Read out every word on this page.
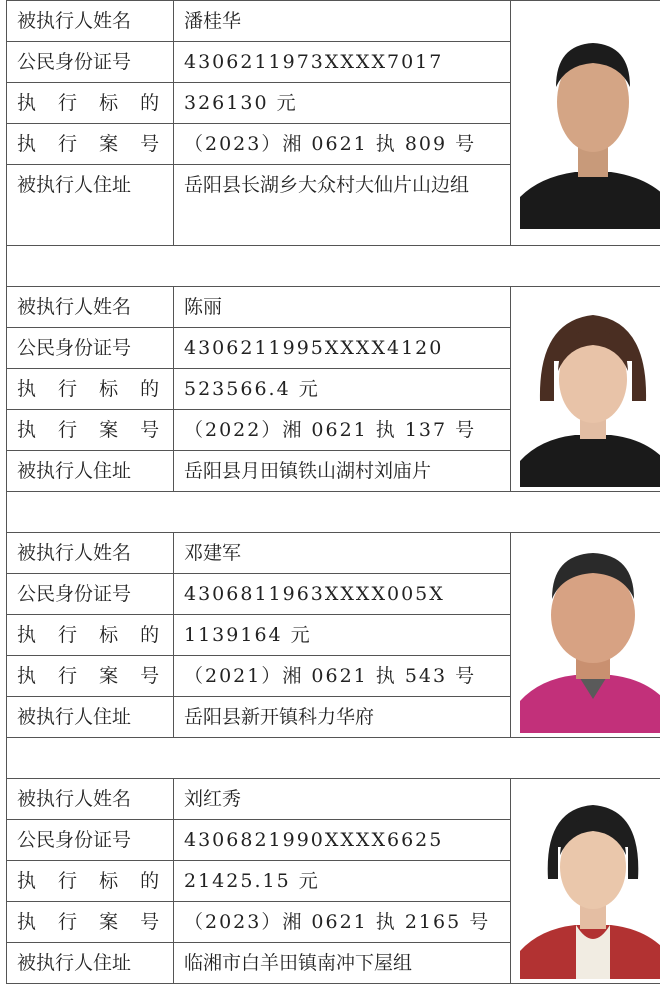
被执行人姓名	潘桂华	

公民身份证号	4306211973XXXX7017	
执 行 标 的	326130 元	
执 行 案 号	（2023）湘 0621 执 809 号	
被执行人住址	岳阳县长湖乡大众村大仙片山边组	

被执行人姓名	陈丽	

公民身份证号	4306211995XXXX4120	
执 行 标 的	523566.4 元	
执 行 案 号	（2022）湘 0621 执 137 号	
被执行人住址	岳阳县月田镇铁山湖村刘庙片	

被执行人姓名	邓建军	

公民身份证号	4306811963XXXX005X	
执 行 标 的	1139164 元	
执 行 案 号	（2021）湘 0621 执 543 号	
被执行人住址	岳阳县新开镇科力华府	

被执行人姓名	刘红秀	

公民身份证号	4306821990XXXX6625	
执 行 标 的	21425.15 元	
执 行 案 号	（2023）湘 0621 执 2165 号	
被执行人住址	临湘市白羊田镇南冲下屋组	
